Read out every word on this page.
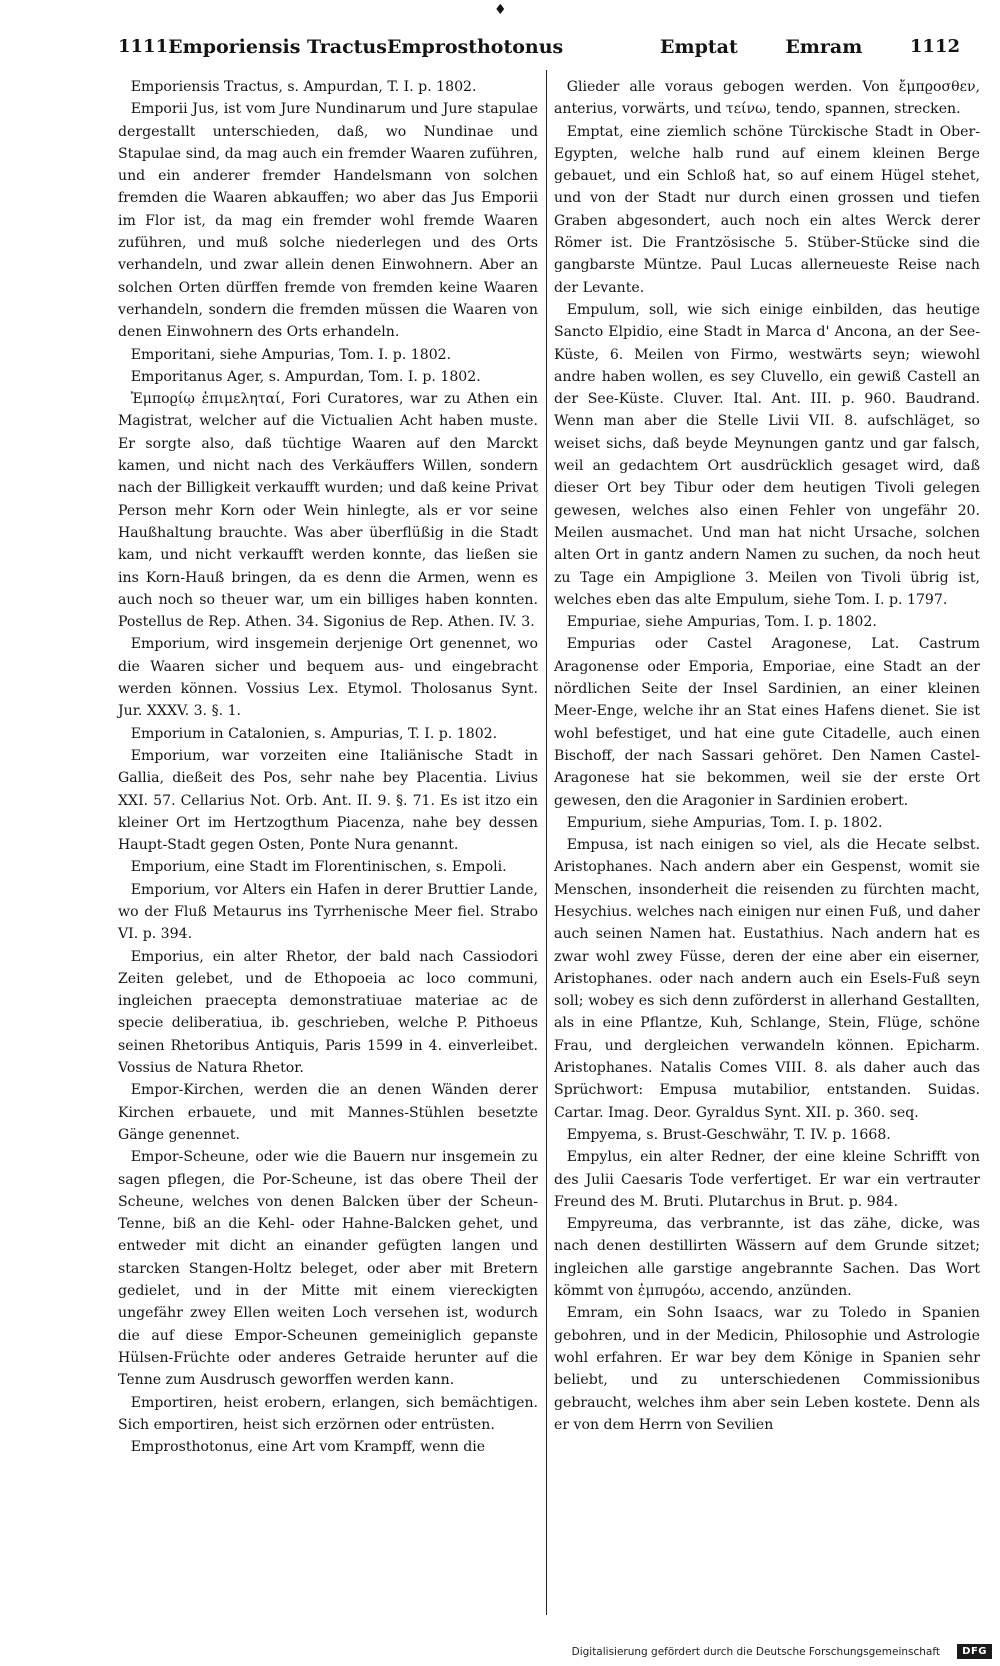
♦
1111 Emporiensis Tractus Emprosthotonus	Emptat	Emram	1112

Emporiensis Tractus, s. Ampurdan, T. I. p. 1802.

Emporii Jus, ist vom Jure Nundinarum und Jure stapulae dergestallt unterschieden, daß, wo Nundinae und Stapulae sind, da mag auch ein fremder Waaren zuführen, und ein anderer fremder Handelsmann von solchen fremden die Waaren abkauffen; wo aber das Jus Emporii im Flor ist, da mag ein fremder wohl fremde Waaren zuführen, und muß solche niederlegen und des Orts verhandeln, und zwar allein denen Einwohnern. Aber an solchen Orten dürffen fremde von fremden keine Waaren verhandeln, sondern die fremden müssen die Waaren von denen Einwohnern des Orts erhandeln.

Emporitani, siehe Ampurias, Tom. I. p. 1802.

Emporitanus Ager, s. Ampurdan, Tom. I. p. 1802.

Ἐμποϱίῳ ἐπιμεληταί, Fori Curatores, war zu Athen ein Magistrat, welcher auf die Victualien Acht haben muste. Er sorgte also, daß tüchtige Waaren auf den Marckt kamen, und nicht nach des Verkäuffers Willen, sondern nach der Billigkeit verkaufft wurden; und daß keine Privat Person mehr Korn oder Wein hinlegte, als er vor seine Haußhaltung brauchte. Was aber überflüßig in die Stadt kam, und nicht verkaufft werden konnte, das ließen sie ins Korn-Hauß bringen, da es denn die Armen, wenn es auch noch so theuer war, um ein billiges haben konnten. Postellus de Rep. Athen. 34. Sigonius de Rep. Athen. IV. 3.

Emporium, wird insgemein derjenige Ort genennet, wo die Waaren sicher und bequem aus- und eingebracht werden können. Vossius Lex. Etymol. Tholosanus Synt. Jur. XXXV. 3. §. 1.

Emporium in Catalonien, s. Ampurias, T. I. p. 1802.

Emporium, war vorzeiten eine Italiänische Stadt in Gallia, dießeit des Pos, sehr nahe bey Placentia. Livius XXI. 57. Cellarius Not. Orb. Ant. II. 9. §. 71. Es ist itzo ein kleiner Ort im Hertzogthum Piacenza, nahe bey dessen Haupt-Stadt gegen Osten, Ponte Nura genannt.

Emporium, eine Stadt im Florentinischen, s. Empoli.

Emporium, vor Alters ein Hafen in derer Bruttier Lande, wo der Fluß Metaurus ins Tyrrhenische Meer fiel. Strabo VI. p. 394.

Emporius, ein alter Rhetor, der bald nach Cassiodori Zeiten gelebet, und de Ethopoeia ac loco communi, ingleichen praecepta demonstratiuae materiae ac de specie deliberatiua, ib. geschrieben, welche P. Pithoeus seinen Rhetoribus Antiquis, Paris 1599 in 4. einverleibet. Vossius de Natura Rhetor.

Empor-Kirchen, werden die an denen Wänden derer Kirchen erbauete, und mit Mannes-Stühlen besetzte Gänge genennet.

Empor-Scheune, oder wie die Bauern nur insgemein zu sagen pflegen, die Por-Scheune, ist das obere Theil der Scheune, welches von denen Balcken über der Scheun-Tenne, biß an die Kehl- oder Hahne-Balcken gehet, und entweder mit dicht an einander gefügten langen und starcken Stangen-Holtz beleget, oder aber mit Bretern gedielet, und in der Mitte mit einem viereckigten ungefähr zwey Ellen weiten Loch versehen ist, wodurch die auf diese Empor-Scheunen gemeiniglich gepanste Hülsen-Früchte oder anderes Getraide herunter auf die Tenne zum Ausdrusch geworffen werden kann.

Emportiren, heist erobern, erlangen, sich bemächtigen. Sich emportiren, heist sich erzörnen oder entrüsten.

Emprosthotonus, eine Art vom Krampff, wenn die

Glieder alle voraus gebogen werden. Von ἔμπϱοσθεν, anterius, vorwärts, und τείνω, tendo, spannen, strecken.

Emptat, eine ziemlich schöne Türckische Stadt in Ober-Egypten, welche halb rund auf einem kleinen Berge gebauet, und ein Schloß hat, so auf einem Hügel stehet, und von der Stadt nur durch einen grossen und tiefen Graben abgesondert, auch noch ein altes Werck derer Römer ist. Die Frantzösische 5. Stüber-Stücke sind die gangbarste Müntze. Paul Lucas allerneueste Reise nach der Levante.

Empulum, soll, wie sich einige einbilden, das heutige Sancto Elpidio, eine Stadt in Marca d' Ancona, an der See-Küste, 6. Meilen von Firmo, westwärts seyn; wiewohl andre haben wollen, es sey Cluvello, ein gewiß Castell an der See-Küste. Cluver. Ital. Ant. III. p. 960. Baudrand. Wenn man aber die Stelle Livii VII. 8. aufschläget, so weiset sichs, daß beyde Meynungen gantz und gar falsch, weil an gedachtem Ort ausdrücklich gesaget wird, daß dieser Ort bey Tibur oder dem heutigen Tivoli gelegen gewesen, welches also einen Fehler von ungefähr 20. Meilen ausmachet. Und man hat nicht Ursache, solchen alten Ort in gantz andern Namen zu suchen, da noch heut zu Tage ein Ampiglione 3. Meilen von Tivoli übrig ist, welches eben das alte Empulum, siehe Tom. I. p. 1797.

Empuriae, siehe Ampurias, Tom. I. p. 1802.

Empurias oder Castel Aragonese, Lat. Castrum Aragonense oder Emporia, Emporiae, eine Stadt an der nördlichen Seite der Insel Sardinien, an einer kleinen Meer-Enge, welche ihr an Stat eines Hafens dienet. Sie ist wohl befestiget, und hat eine gute Citadelle, auch einen Bischoff, der nach Sassari gehöret. Den Namen Castel-Aragonese hat sie bekommen, weil sie der erste Ort gewesen, den die Aragonier in Sardinien erobert.

Empurium, siehe Ampurias, Tom. I. p. 1802.

Empusa, ist nach einigen so viel, als die Hecate selbst. Aristophanes. Nach andern aber ein Gespenst, womit sie Menschen, insonderheit die reisenden zu fürchten macht, Hesychius. welches nach einigen nur einen Fuß, und daher auch seinen Namen hat. Eustathius. Nach andern hat es zwar wohl zwey Füsse, deren der eine aber ein eiserner, Aristophanes. oder nach andern auch ein Esels-Fuß seyn soll; wobey es sich denn zuförderst in allerhand Gestallten, als in eine Pflantze, Kuh, Schlange, Stein, Flüge, schöne Frau, und dergleichen verwandeln können. Epicharm. Aristophanes. Natalis Comes VIII. 8. als daher auch das Sprüchwort: Empusa mutabilior, entstanden. Suidas. Cartar. Imag. Deor. Gyraldus Synt. XII. p. 360. seq.

Empyema, s. Brust-Geschwähr, T. IV. p. 1668.

Empylus, ein alter Redner, der eine kleine Schrifft von des Julii Caesaris Tode verfertiget. Er war ein vertrauter Freund des M. Bruti. Plutarchus in Brut. p. 984.

Empyreuma, das verbrannte, ist das zähe, dicke, was nach denen destillirten Wässern auf dem Grunde sitzet; ingleichen alle garstige angebrannte Sachen. Das Wort kömmt von ἐμπυϱόω, accendo, anzünden.

Emram, ein Sohn Isaacs, war zu Toledo in Spanien gebohren, und in der Medicin, Philosophie und Astrologie wohl erfahren. Er war bey dem Könige in Spanien sehr beliebt, und zu unterschiedenen Commissionibus gebraucht, welches ihm aber sein Leben kostete. Denn als er von dem Herrn von Sevilien

Digitalisierung gefördert durch die Deutsche Forschungsgemeinschaft	DFG
